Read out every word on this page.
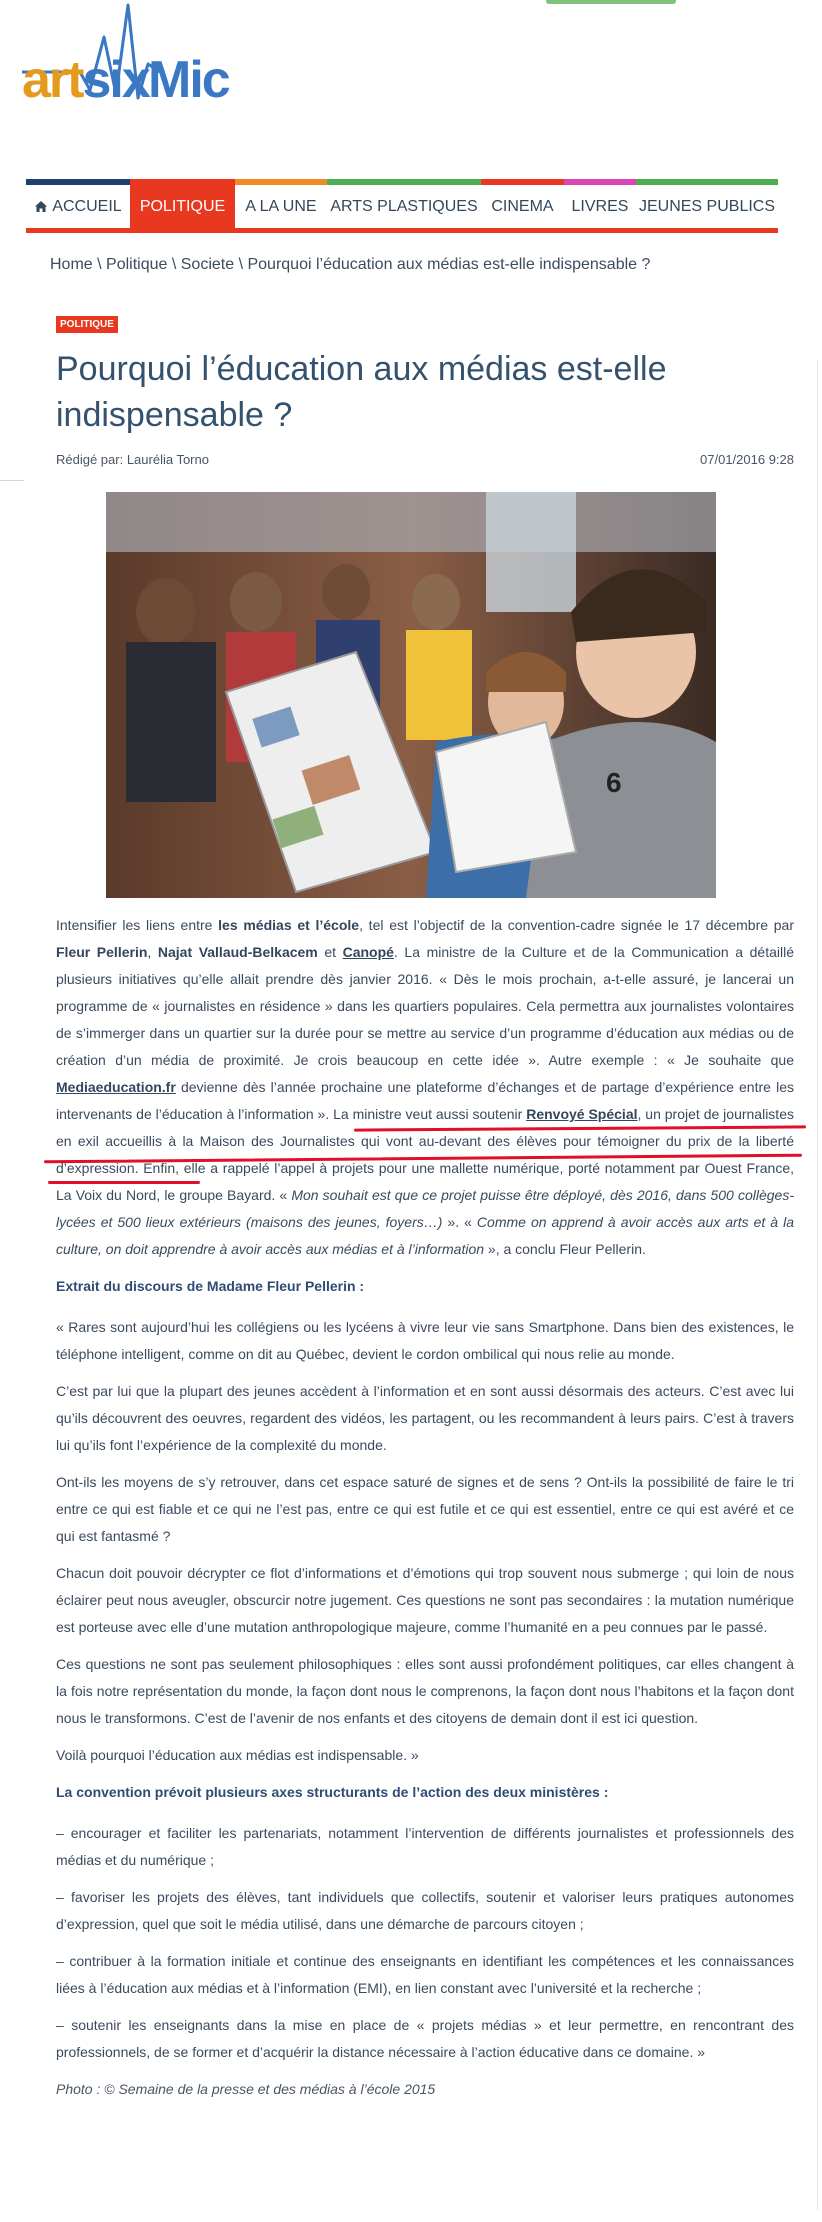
artsix Mic
ACCUEIL POLITIQUE A LA UNE ARTS PLASTIQUES CINEMA LIVRES JEUNES PUBLICS
Home \ Politique \ Societe \ Pourquoi l’éducation aux médias est-elle indispensable ?
POLITIQUE
Pourquoi l’éducation aux médias est-elle indispensable ?
Rédigé par: Laurélia Torno	07/01/2016 9:28
6

Intensifier les liens entre les médias et l’école, tel est l’objectif de la convention-cadre signée le 17 décembre par Fleur Pellerin, Najat Vallaud-Belkacem et Canopé. La ministre de la Culture et de la Communication a détaillé plusieurs initiatives qu’elle allait prendre dès janvier 2016. « Dès le mois prochain, a-t-elle assuré, je lancerai un programme de « journalistes en résidence » dans les quartiers populaires. Cela permettra aux journalistes volontaires de s’immerger dans un quartier sur la durée pour se mettre au service d’un programme d’éducation aux médias ou de création d’un média de proximité. Je crois beaucoup en cette idée ». Autre exemple : « Je souhaite que Mediaeducation.fr devienne dès l’année prochaine une plateforme d’échanges et de partage d’expérience entre les intervenants de l’éducation à l’information ». La ministre veut aussi soutenir Renvoyé Spécial, un projet de journalistes en exil accueillis à la Maison des Journalistes qui vont au-devant des élèves pour témoigner du prix de la liberté d’expression. Enfin, elle a rappelé l’appel à projets pour une mallette numérique, porté notamment par Ouest France, La Voix du Nord, le groupe Bayard. « Mon souhait est que ce projet puisse être déployé, dès 2016, dans 500 collèges-lycées et 500 lieux extérieurs (maisons des jeunes, foyers…) ». « Comme on apprend à avoir accès aux arts et à la culture, on doit apprendre à avoir accès aux médias et à l’information », a conclu Fleur Pellerin.

Extrait du discours de Madame Fleur Pellerin :

« Rares sont aujourd’hui les collégiens ou les lycéens à vivre leur vie sans Smartphone. Dans bien des existences, le téléphone intelligent, comme on dit au Québec, devient le cordon ombilical qui nous relie au monde.

C’est par lui que la plupart des jeunes accèdent à l’information et en sont aussi désormais des acteurs. C’est avec lui qu’ils découvrent des oeuvres, regardent des vidéos, les partagent, ou les recommandent à leurs pairs. C’est à travers lui qu’ils font l’expérience de la complexité du monde.

Ont-ils les moyens de s’y retrouver, dans cet espace saturé de signes et de sens ? Ont-ils la possibilité de faire le tri entre ce qui est fiable et ce qui ne l’est pas, entre ce qui est futile et ce qui est essentiel, entre ce qui est avéré et ce qui est fantasmé ?

Chacun doit pouvoir décrypter ce flot d’informations et d’émotions qui trop souvent nous submerge ; qui loin de nous éclairer peut nous aveugler, obscurcir notre jugement. Ces questions ne sont pas secondaires : la mutation numérique est porteuse avec elle d’une mutation anthropologique majeure, comme l’humanité en a peu connues par le passé.

Ces questions ne sont pas seulement philosophiques : elles sont aussi profondément politiques, car elles changent à la fois notre représentation du monde, la façon dont nous le comprenons, la façon dont nous l’habitons et la façon dont nous le transformons. C’est de l’avenir de nos enfants et des citoyens de demain dont il est ici question.

Voilà pourquoi l’éducation aux médias est indispensable. »

La convention prévoit plusieurs axes structurants de l’action des deux ministères :

– encourager et faciliter les partenariats, notamment l’intervention de différents journalistes et professionnels des médias et du numérique ;

– favoriser les projets des élèves, tant individuels que collectifs, soutenir et valoriser leurs pratiques autonomes d’expression, quel que soit le média utilisé, dans une démarche de parcours citoyen ;

– contribuer à la formation initiale et continue des enseignants en identifiant les compétences et les connaissances liées à l’éducation aux médias et à l’information (EMI), en lien constant avec l’université et la recherche ;

– soutenir les enseignants dans la mise en place de « projets médias » et leur permettre, en rencontrant des professionnels, de se former et d’acquérir la distance nécessaire à l’action éducative dans ce domaine. »

Photo : © Semaine de la presse et des médias à l’école 2015
